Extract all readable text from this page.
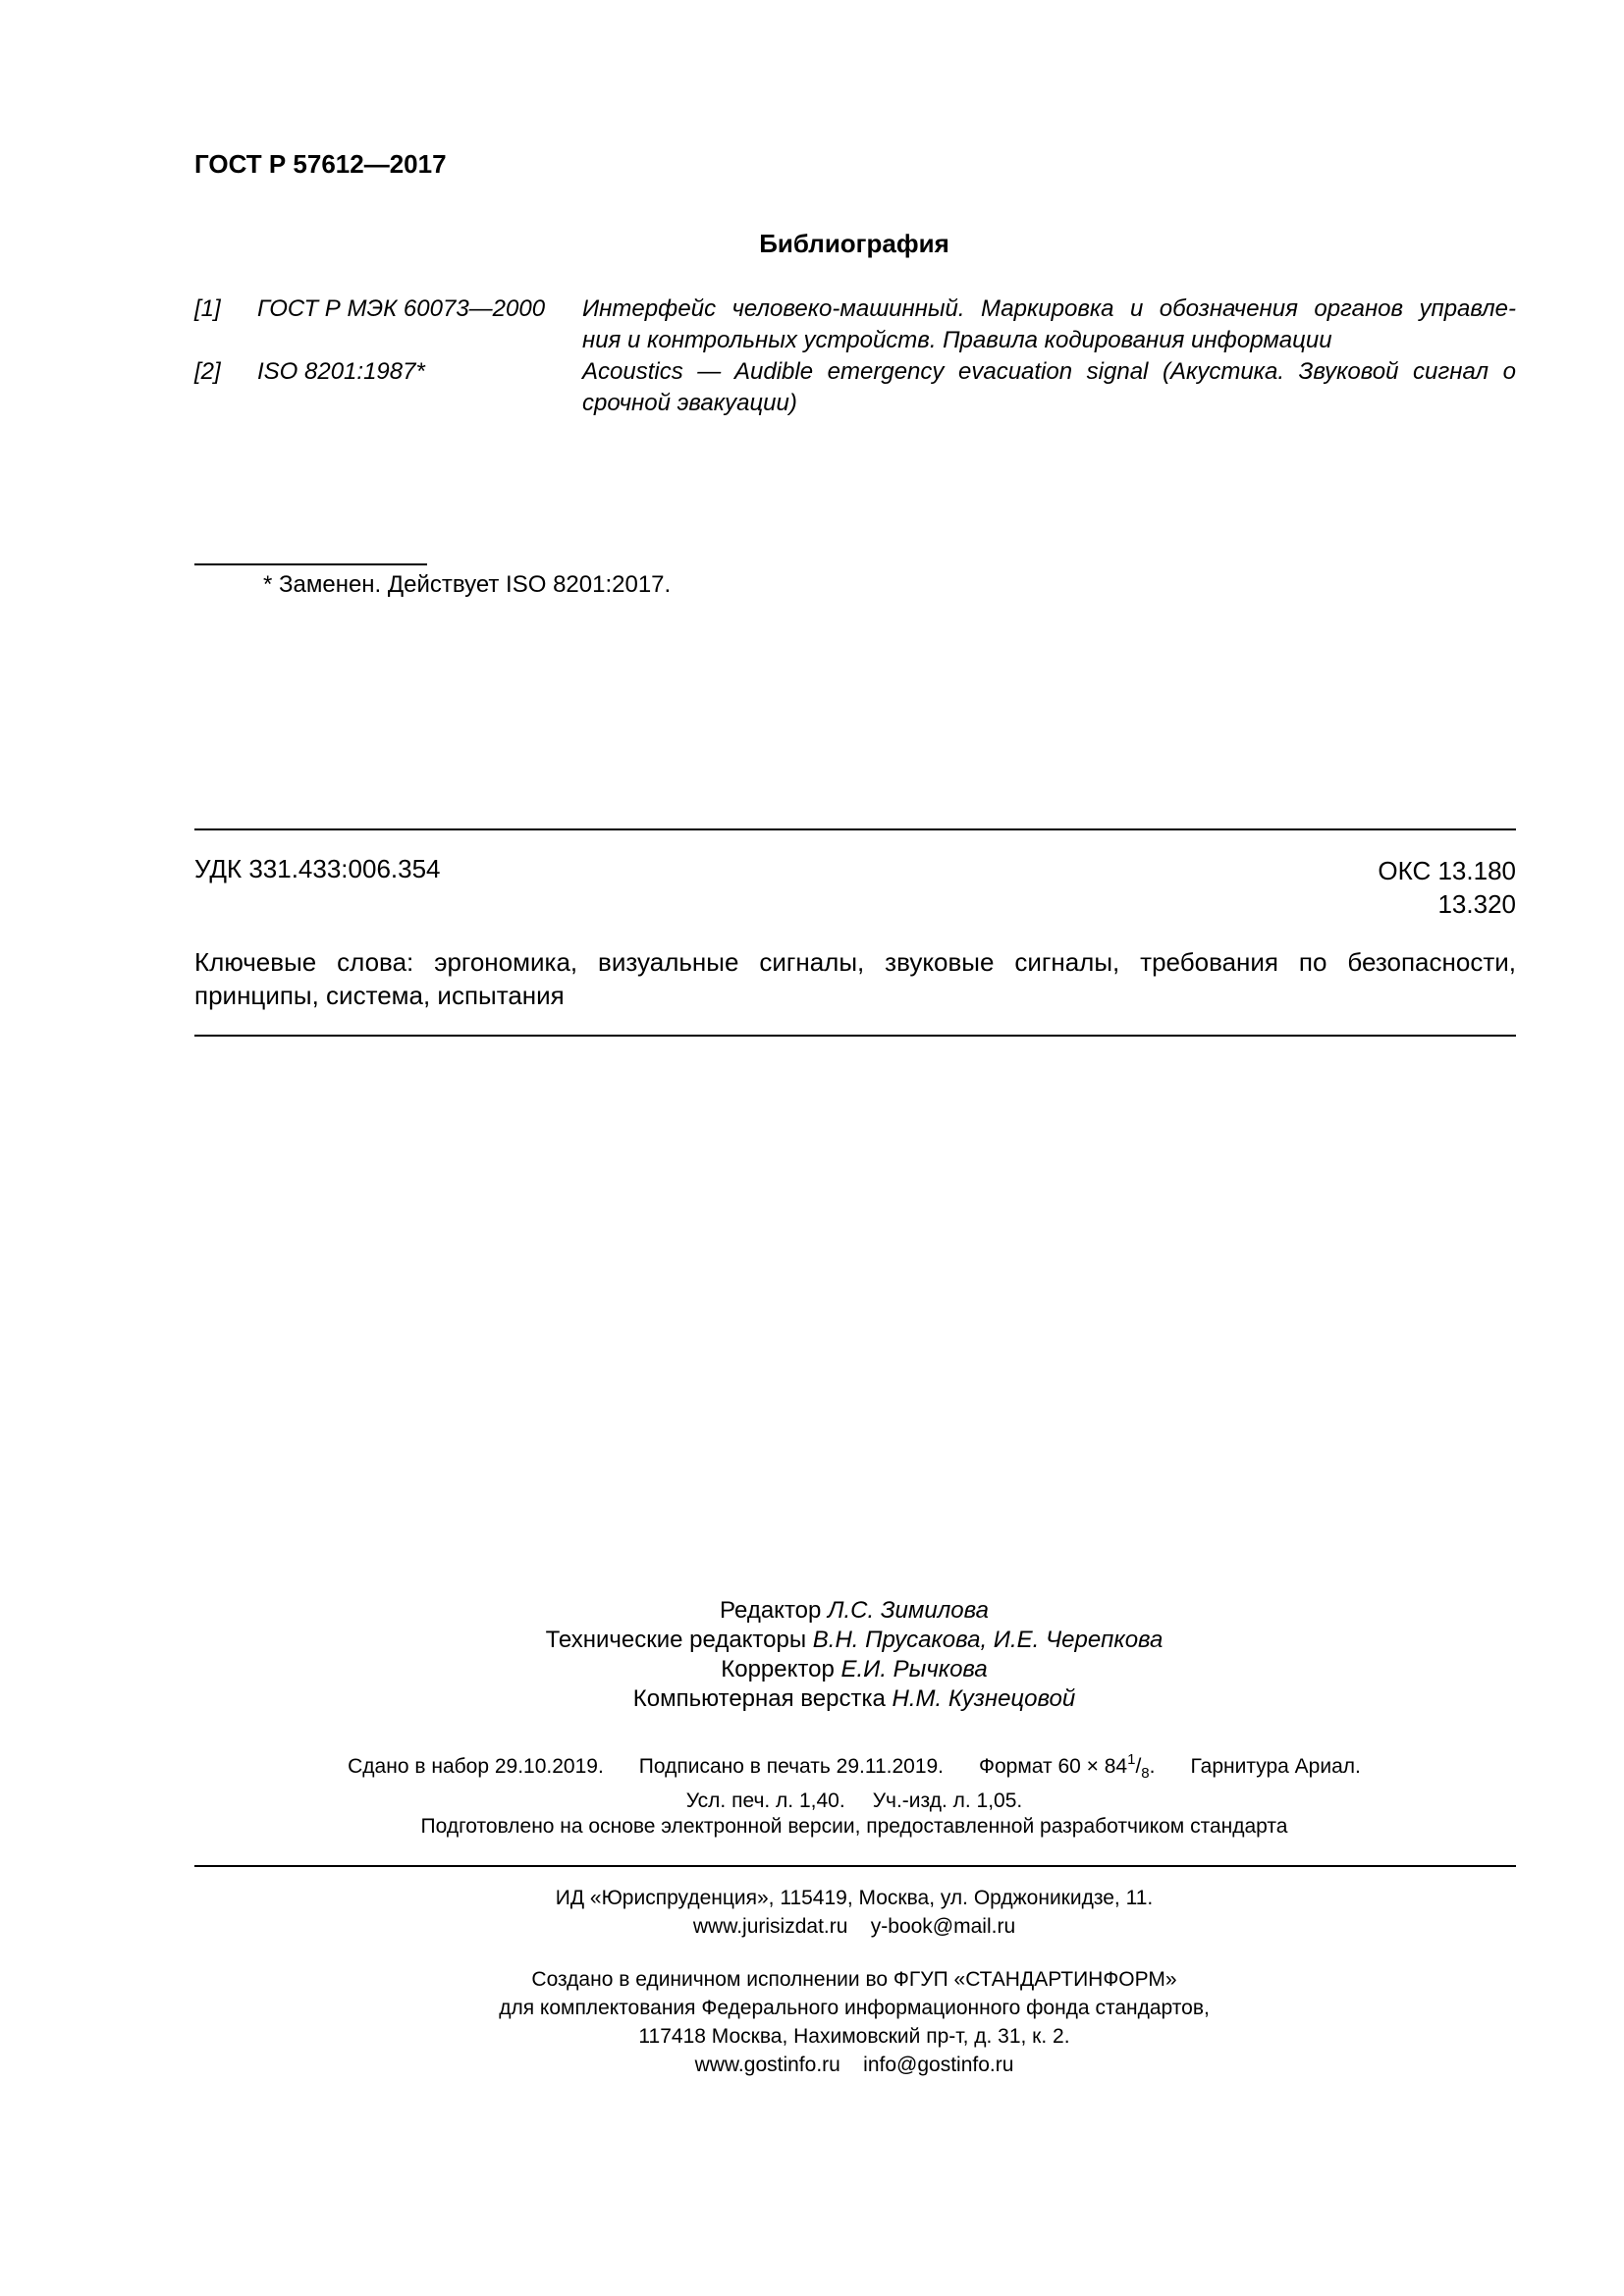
ГОСТ Р 57612—2017
Библиография
[1] ГОСТ Р МЭК 60073—2000 Интерфейс человеко-машинный. Маркировка и обозначения органов управле-
ния и контрольных устройств. Правила кодирования информации
[2] ISO 8201:1987*	Acoustics — Audible emergency evacuation signal (Акустика. Звуковой сигнал о
срочной эвакуации)
* Заменен. Действует ISO 8201:2017.
УДК 331.433:006.354	ОКС 13.180
13.320
Ключевые слова: эргономика, визуальные сигналы, звуковые сигналы, требования по безопасности,
принципы, система, испытания
Редактор Л.С. Зимилова
Технические редакторы В.Н. Прусакова, И.Е. Черепкова
Корректор Е.И. Рычкова
Компьютерная верстка Н.М. Кузнецовой
Сдано в набор 29.10.2019. Подписано в печать 29.11.2019. Формат $60 \times 84^1/_8$. Гарнитура Ариал.
Усл. печ. л. 1,40. Уч.-изд. л. 1,05.
Подготовлено на основе электронной версии, предоставленной разработчиком стандарта
ИД «Юриспруденция», 115419, Москва, ул. Орджоникидзе, 11.
www.jurisizdat.ru y-book@mail.ru
Создано в единичном исполнении во ФГУП «СТАНДАРТИНФОРМ»
для комплектования Федерального информационного фонда стандартов,
117418 Москва, Нахимовский пр-т, д. 31, к. 2.
www.gostinfo.ru info@gostinfo.ru
